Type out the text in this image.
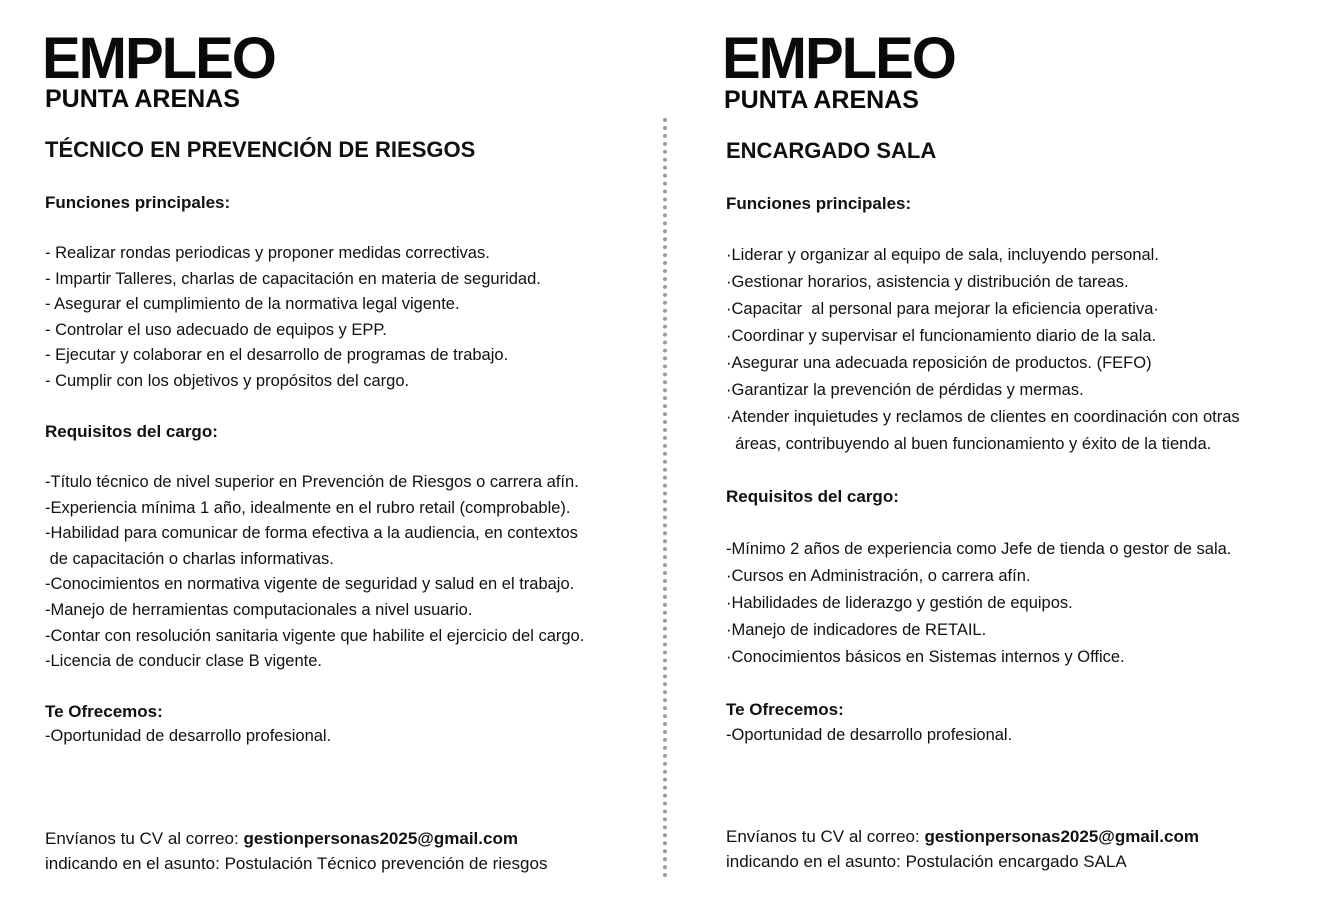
EMPLEO
PUNTA ARENAS
TÉCNICO EN PREVENCIÓN DE RIESGOS

Funciones principales:

- Realizar rondas periodicas y proponer medidas correctivas.
- Impartir Talleres, charlas de capacitación en materia de seguridad.
- Asegurar el cumplimiento de la normativa legal vigente.
- Controlar el uso adecuado de equipos y EPP.
- Ejecutar y colaborar en el desarrollo de programas de trabajo.
- Cumplir con los objetivos y propósitos del cargo.

Requisitos del cargo:

-Título técnico de nivel superior en Prevención de Riesgos o carrera afín.
-Experiencia mínima 1 año, idealmente en el rubro retail (comprobable).
-Habilidad para comunicar de forma efectiva a la audiencia, en contextos
de capacitación o charlas informativas.
-Conocimientos en normativa vigente de seguridad y salud en el trabajo.
-Manejo de herramientas computacionales a nivel usuario.
-Contar con resolución sanitaria vigente que habilite el ejercicio del cargo.
-Licencia de conducir clase B vigente.

Te Ofrecemos:

-Oportunidad de desarrollo profesional.

Envíanos tu CV al correo: gestionpersonas2025@gmail.com

indicando en el asunto: Postulación Técnico prevención de riesgos

EMPLEO
PUNTA ARENAS
ENCARGADO SALA

Funciones principales:

·Liderar y organizar al equipo de sala, incluyendo personal.
·Gestionar horarios, asistencia y distribución de tareas.
·Capacitar  al personal para mejorar la eficiencia operativa·
·Coordinar y supervisar el funcionamiento diario de la sala.
·Asegurar una adecuada reposición de productos. (FEFO)
·Garantizar la prevención de pérdidas y mermas.
·Atender inquietudes y reclamos de clientes en coordinación con otras
áreas, contribuyendo al buen funcionamiento y éxito de la tienda.

Requisitos del cargo:

-Mínimo 2 años de experiencia como Jefe de tienda o gestor de sala.
·Cursos en Administración, o carrera afín.
·Habilidades de liderazgo y gestión de equipos.
·Manejo de indicadores de RETAIL.
·Conocimientos básicos en Sistemas internos y Office.

Te Ofrecemos:

-Oportunidad de desarrollo profesional.

Envíanos tu CV al correo: gestionpersonas2025@gmail.com

indicando en el asunto: Postulación encargado SALA
